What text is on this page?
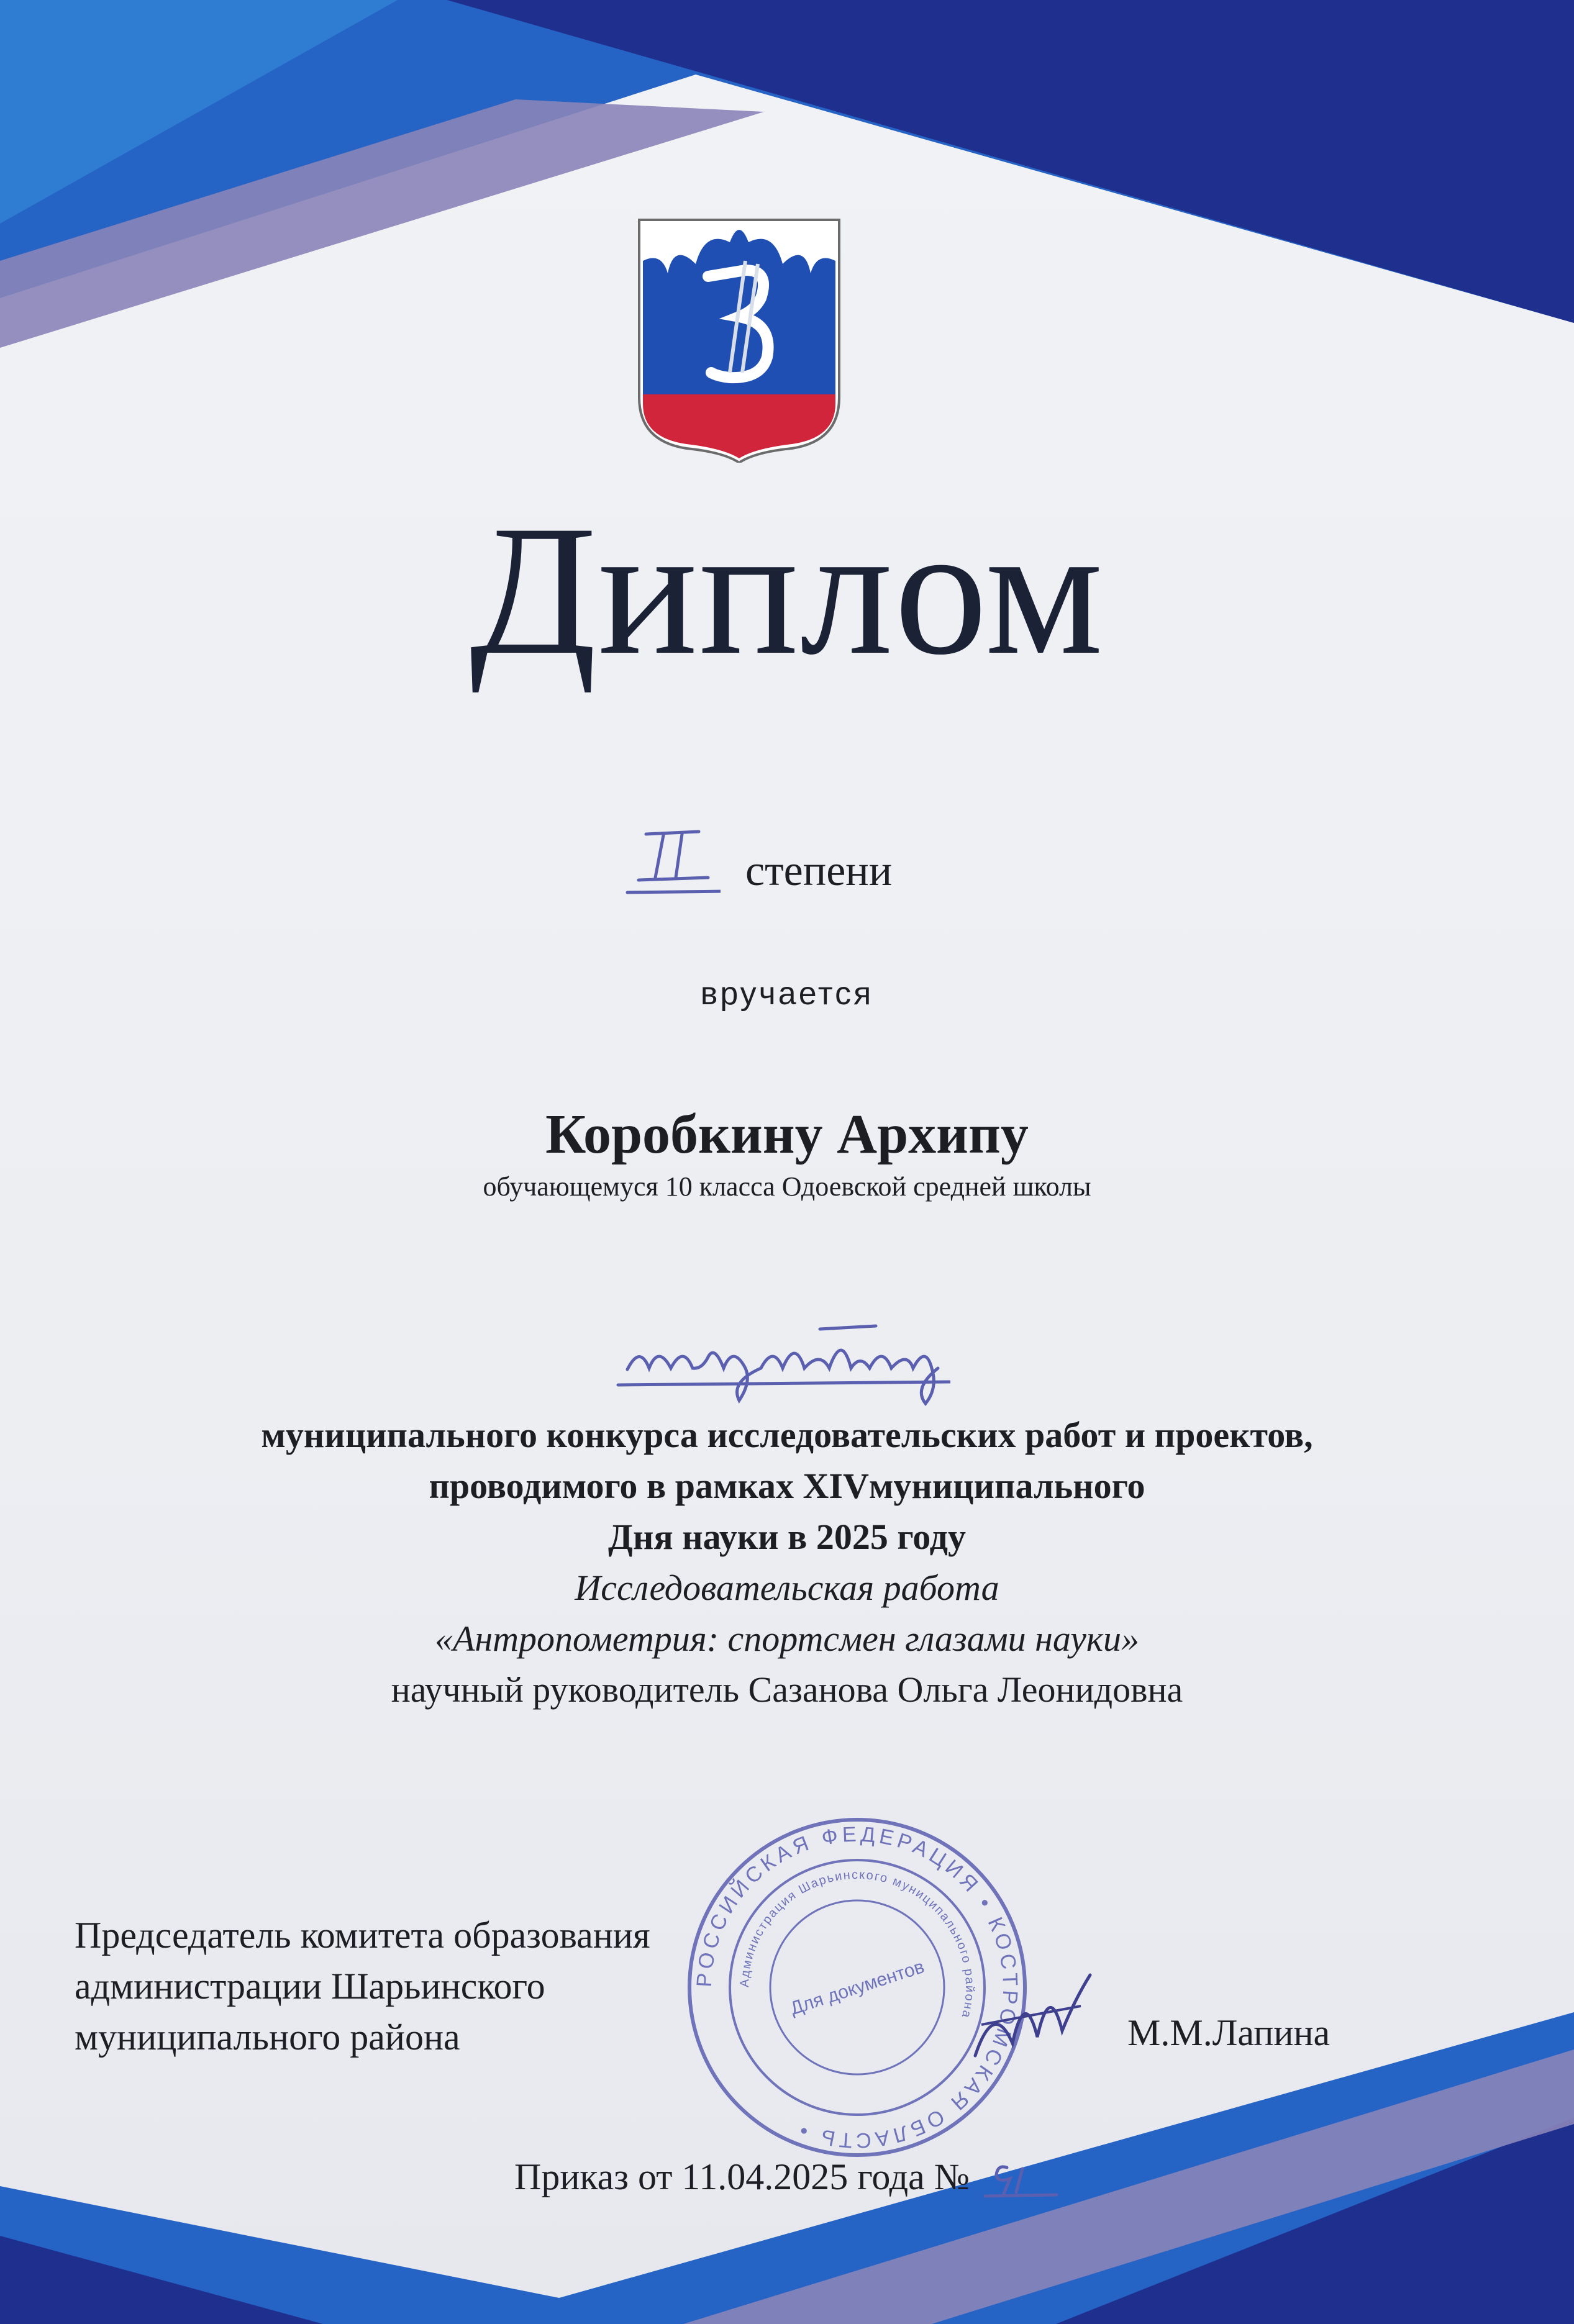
Диплом
II степени
вручается
Коробкину Архипу
обучающемуся 10 класса Одоевской средней школы
лауреату
муниципального конкурса исследовательских работ и проектов,
проводимого в рамках XIVмуниципального
Дня науки в 2025 году
Исследовательская работа
«Антропометрия: спортсмен глазами науки»
научный руководитель Сазанова Ольга Леонидовна
Председатель комитета образования
администрации Шарьинского
муниципального района
РОССИЙСКАЯ ФЕДЕРАЦИЯ • КОСТРОМСКАЯ ОБЛАСТЬ •
Администрация Шарьинского муниципального района
Для документов
М.М.Лапина
Приказ от 11.04.2025 года №	91
